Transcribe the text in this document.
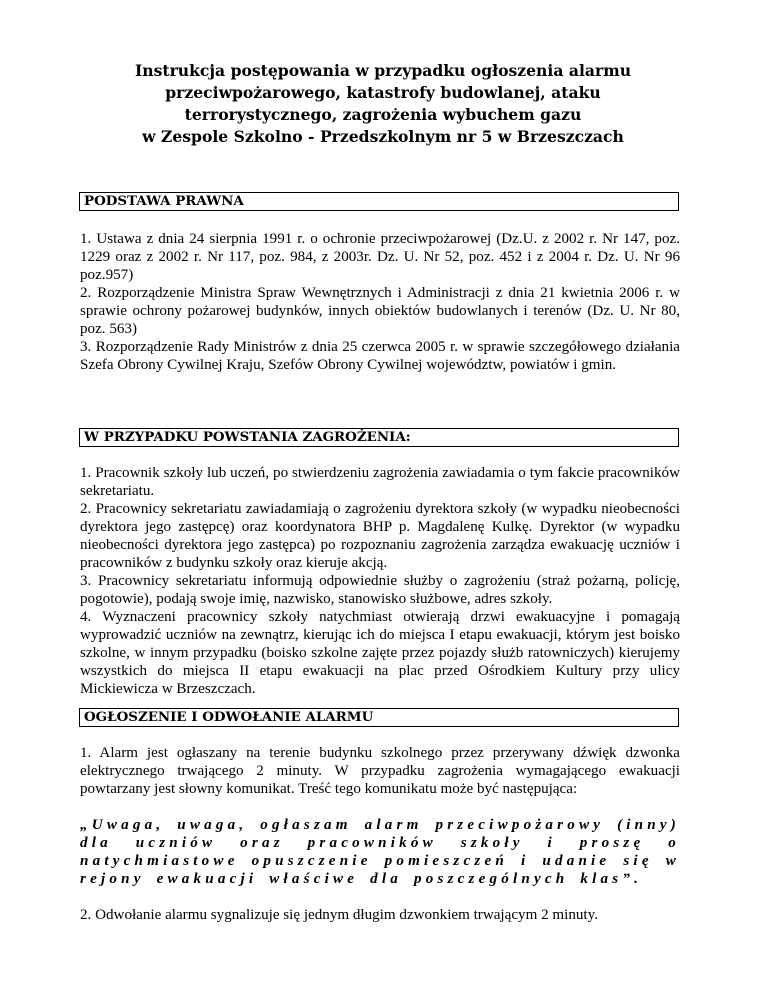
Instrukcja postępowania w przypadku ogłoszenia alarmu
przeciwpożarowego, katastrofy budowlanej, ataku
terrorystycznego, zagrożenia wybuchem gazu
w Zespole Szkolno - Przedszkolnym nr 5 w Brzeszczach
PODSTAWA PRAWNA

1. Ustawa z dnia 24 sierpnia 1991 r. o ochronie przeciwpożarowej (Dz.U. z 2002 r. Nr 147, poz. 1229 oraz z 2002 r. Nr 117, poz. 984, z 2003r. Dz. U. Nr 52, poz. 452 i z 2004 r. Dz. U. Nr 96 poz.957)

2. Rozporządzenie Ministra Spraw Wewnętrznych i Administracji z dnia 21 kwietnia 2006 r. w sprawie ochrony pożarowej budynków, innych obiektów budowlanych i terenów (Dz. U. Nr 80, poz. 563)

3. Rozporządzenie Rady Ministrów z dnia 25 czerwca 2005 r. w sprawie szczegółowego działania Szefa Obrony Cywilnej Kraju, Szefów Obrony Cywilnej województw, powiatów i gmin.

W PRZYPADKU POWSTANIA ZAGROŻENIA:

1. Pracownik szkoły lub uczeń, po stwierdzeniu zagrożenia zawiadamia o tym fakcie pracowników sekretariatu.

2. Pracownicy sekretariatu zawiadamiają o zagrożeniu dyrektora szkoły (w wypadku nieobecności dyrektora jego zastępcę) oraz koordynatora BHP p. Magdalenę Kulkę. Dyrektor (w wypadku nieobecności dyrektora jego zastępca) po rozpoznaniu zagrożenia zarządza ewakuację uczniów i pracowników z budynku szkoły oraz kieruje akcją.

3. Pracownicy sekretariatu informują odpowiednie służby o zagrożeniu (straż pożarną, policję, pogotowie), podają swoje imię, nazwisko, stanowisko służbowe, adres szkoły.

4. Wyznaczeni pracownicy szkoły natychmiast otwierają drzwi ewakuacyjne i pomagają wyprowadzić uczniów na zewnątrz, kierując ich do miejsca I etapu ewakuacji, którym jest boisko szkolne, w innym przypadku (boisko szkolne zajęte przez pojazdy służb ratowniczych) kierujemy wszystkich do miejsca II etapu ewakuacji na plac przed Ośrodkiem Kultury przy ulicy Mickiewicza w Brzeszczach.

OGŁOSZENIE I ODWOŁANIE ALARMU

1. Alarm jest ogłaszany na terenie budynku szkolnego przez przerywany dźwięk dzwonka elektrycznego trwającego 2 minuty. W przypadku zagrożenia wymagającego ewakuacji powtarzany jest słowny komunikat. Treść tego komunikatu może być następująca:

„Uwaga, uwaga, ogłaszam alarm przeciwpożarowy (inny) dla uczniów oraz pracowników szkoły i proszę o natychmiastowe opuszczenie pomieszczeń i udanie się w rejony ewakuacji właściwe dla poszczególnych klas”.

2. Odwołanie alarmu sygnalizuje się jednym długim dzwonkiem trwającym 2 minuty.
